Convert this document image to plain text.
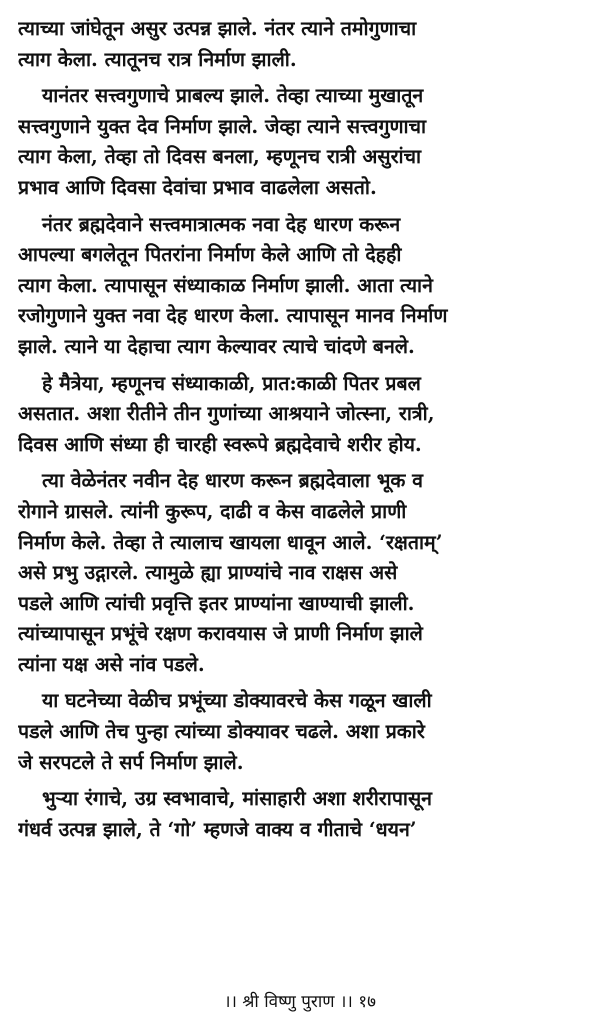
त्याच्या जांघेतून असुर उत्पन्न झाले. नंतर त्याने तमोगुणाचा
त्याग केला. त्यातूनच रात्र निर्माण झाली.

यानंतर सत्त्वगुणाचे प्राबल्य झाले. तेव्हा त्याच्या मुखातून
सत्त्वगुणाने युक्त देव निर्माण झाले. जेव्हा त्याने सत्त्वगुणाचा
त्याग केला, तेव्हा तो दिवस बनला, म्हणूनच रात्री असुरांचा
प्रभाव आणि दिवसा देवांचा प्रभाव वाढलेला असतो.

नंतर ब्रह्मदेवाने सत्त्वमात्रात्मक नवा देह धारण करून
आपल्या बगलेतून पितरांना निर्माण केले आणि तो देहही
त्याग केला. त्यापासून संध्याकाळ निर्माण झाली. आता त्याने
रजोगुणाने युक्त नवा देह धारण केला. त्यापासून मानव निर्माण
झाले. त्याने या देहाचा त्याग केल्यावर त्याचे चांदणे बनले.

हे मैत्रेया, म्हणूनच संध्याकाळी, प्रात:काळी पितर प्रबल
असतात. अशा रीतीने तीन गुणांच्या आश्रयाने जोत्स्ना, रात्री,
दिवस आणि संध्या ही चारही स्वरूपे ब्रह्मदेवाचे शरीर होय.

त्या वेळेनंतर नवीन देह धारण करून ब्रह्मदेवाला भूक व
रोगाने ग्रासले. त्यांनी कुरूप, दाढी व केस वाढलेले प्राणी
निर्माण केले. तेव्हा ते त्यालाच खायला धावून आले. ‘रक्षताम्’
असे प्रभु उद्गारले. त्यामुळे ह्या प्राण्यांचे नाव राक्षस असे
पडले आणि त्यांची प्रवृत्ति इतर प्राण्यांना खाण्याची झाली.
त्यांच्यापासून प्रभूंचे रक्षण करावयास जे प्राणी निर्माण झाले
त्यांना यक्ष असे नांव पडले.

या घटनेच्या वेळीच प्रभूंच्या डोक्यावरचे केस गळून खाली
पडले आणि तेच पुन्हा त्यांच्या डोक्यावर चढले. अशा प्रकारे
जे सरपटले ते सर्प निर्माण झाले.

भुऱ्या रंगाचे, उग्र स्वभावाचे, मांसाहारी अशा शरीरापासून
गंधर्व उत्पन्न झाले, ते ‘गो’ म्हणजे वाक्य व गीताचे ‘धयन’

।। श्री विष्णु पुराण ।। १७
